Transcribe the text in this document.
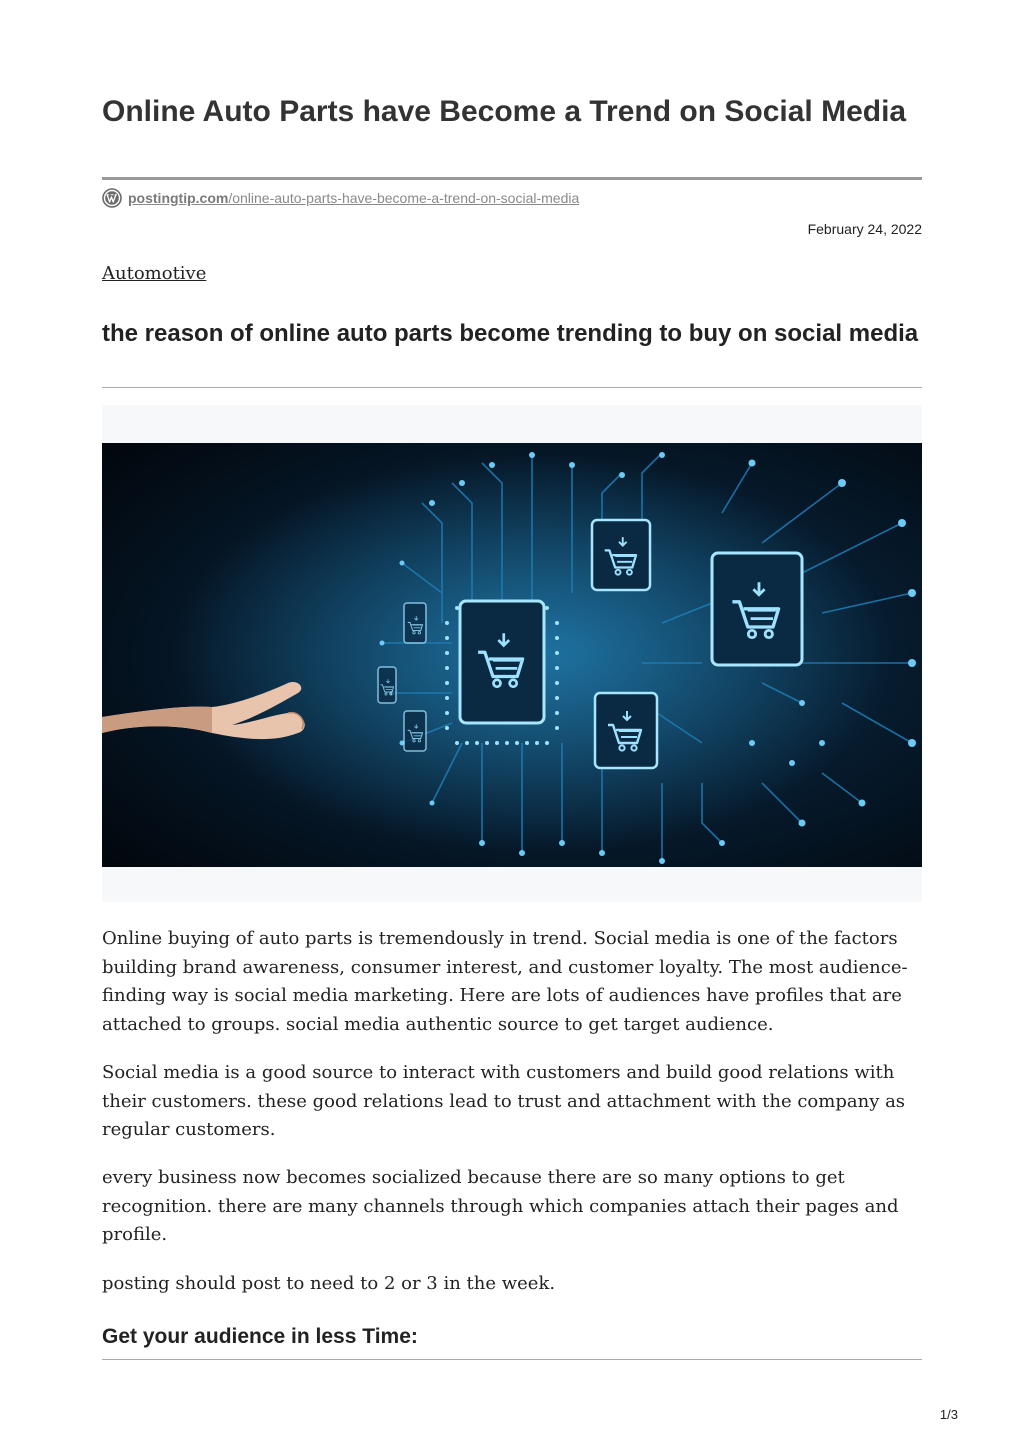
Online Auto Parts have Become a Trend on Social Media
postingtip.com/online-auto-parts-have-become-a-trend-on-social-media
February 24, 2022
Automotive
the reason of online auto parts become trending to buy on social media

Online buying of auto parts is tremendously in trend. Social media is one of the factors building brand awareness, consumer interest, and customer loyalty. The most audience-finding way is social media marketing. Here are lots of audiences have profiles that are attached to groups. social media authentic source to get target audience.

Social media is a good source to interact with customers and build good relations with their customers. these good relations lead to trust and attachment with the company as regular customers.

every business now becomes socialized because there are so many options to get recognition. there are many channels through which companies attach their pages and profile.

posting should post to need to 2 or 3 in the week.

Get your audience in less Time:
1/3
